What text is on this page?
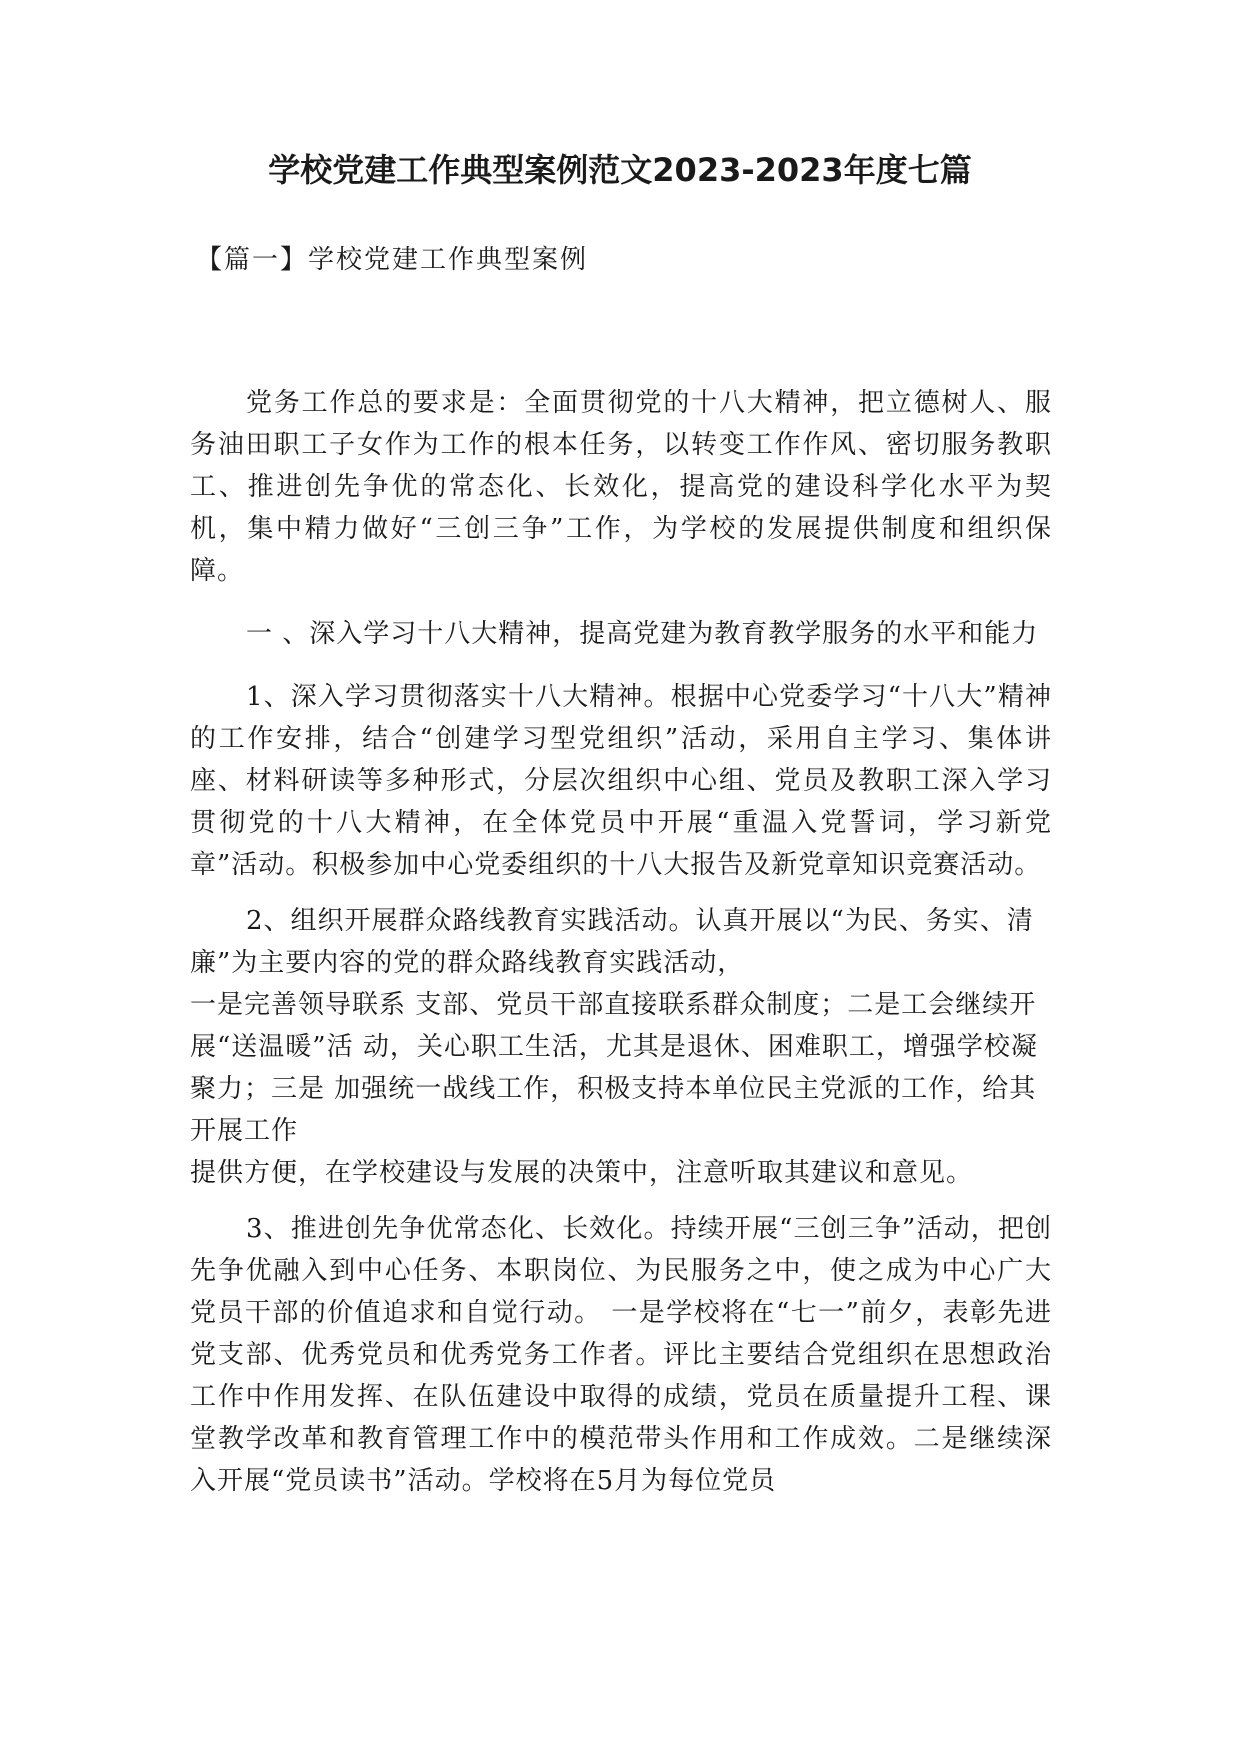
学校党建工作典型案例范文2023-2023年度七篇
【篇一】学校党建工作典型案例

党务工作总的要求是：全面贯彻党的十八大精神，把立德树人、服务油田职工子女作为工作的根本任务，以转变工作作风、密切服务教职工、推进创先争优的常态化、长效化，提高党的建设科学化水平为契机，集中精力做好“三创三争”工作，为学校的发展提供制度和组织保障。

一 、深入学习十八大精神，提高党建为教育教学服务的水平和能力

1、深入学习贯彻落实十八大精神。根据中心党委学习“十八大”精神的工作安排，结合“创建学习型党组织”活动，采用自主学习、集体讲座、材料研读等多种形式，分层次组织中心组、党员及教职工深入学习贯彻党的十八大精神，在全体党员中开展“重温入党誓词，学习新党章”活动。积极参加中心党委组织的十八大报告及新党章知识竞赛活动。

2、组织开展群众路线教育实践活动。认真开展以“为民、务实、清廉”为主要内容的党的群众路线教育实践活动，
一是完善领导联系 支部、党员干部直接联系群众制度；二是工会继续开展“送温暖”活 动，关心职工生活，尤其是退休、困难职工，增强学校凝聚力；三是 加强统一战线工作，积极支持本单位民主党派的工作，给其开展工作
提供方便，在学校建设与发展的决策中，注意听取其建议和意见。

3、推进创先争优常态化、长效化。持续开展“三创三争”活动，把创先争优融入到中心任务、本职岗位、为民服务之中，使之成为中心广大党员干部的价值追求和自觉行动。 一是学校将在“七一”前夕，表彰先进党支部、优秀党员和优秀党务工作者。评比主要结合党组织在思想政治工作中作用发挥、在队伍建设中取得的成绩，党员在质量提升工程、课堂教学改革和教育管理工作中的模范带头作用和工作成效。二是继续深入开展“党员读书”活动。学校将在5月为每位党员
